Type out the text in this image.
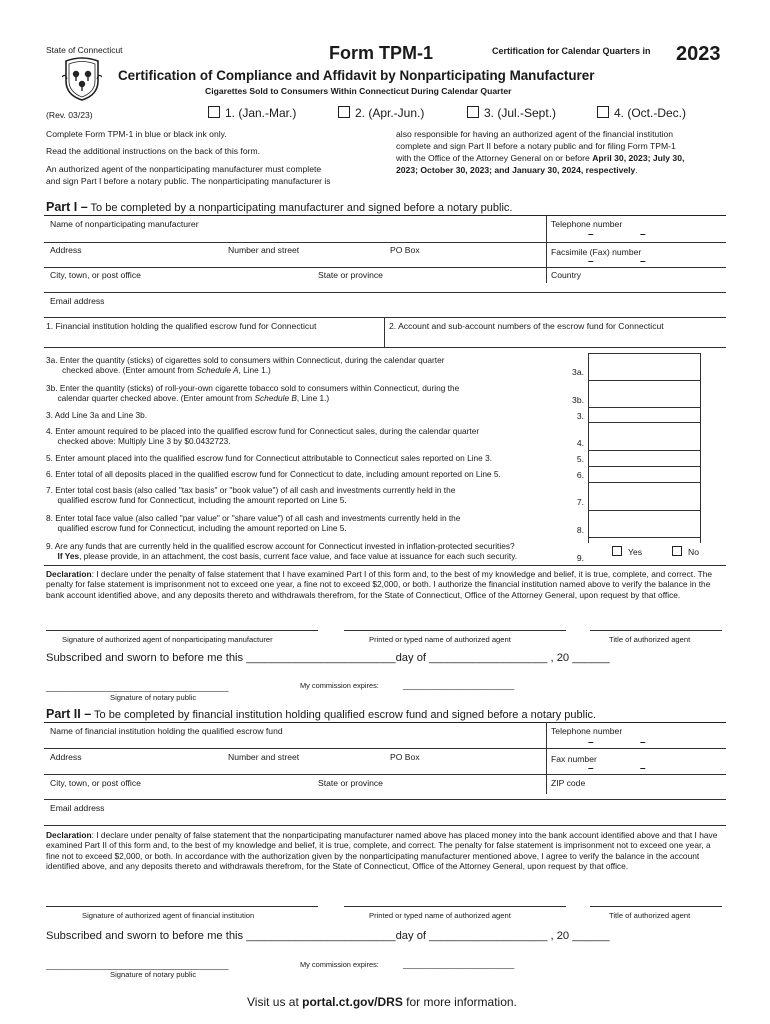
State of Connecticut	Form TPM-1	Certification for Calendar Quarters in 2023
Certification of Compliance and Affidavit by Nonparticipating Manufacturer
Cigarettes Sold to Consumers Within Connecticut During Calendar Quarter
(Rev. 03/23)	1. (Jan.-Mar.)	2. (Apr.-Jun.)	3. (Jul.-Sept.)	4. (Oct.-Dec.)
Complete Form TPM-1 in blue or black ink only.
Read the additional instructions on the back of this form.
An authorized agent of the nonparticipating manufacturer must complete
and sign Part I before a notary public. The nonparticipating manufacturer is
also responsible for having an authorized agent of the financial institution
complete and sign Part II before a notary public and for filing Form TPM-1
with the Office of the Attorney General on or before April 30, 2023; July 30,
2023; October 30, 2023; and January 30, 2024, respectively.
Part I – To be completed by a nonparticipating manufacturer and signed before a notary public.
Name of nonparticipating manufacturer	Telephone number
–	–
Address	Number and street	PO Box	Facsimile (Fax) number
–	–
City, town, or post office	State or province	Country
Email address
1. Financial institution holding the qualified escrow fund for Connecticut	2. Account and sub-account numbers of the escrow fund for Connecticut
3a. Enter the quantity (sticks) of cigarettes sold to consumers within Connecticut, during the calendar quarter
checked above. (Enter amount from Schedule A, Line 1.)	3a.
3b. Enter the quantity (sticks) of roll-your-own cigarette tobacco sold to consumers within Connecticut, during the
calendar quarter checked above. (Enter amount from Schedule B, Line 1.)	3b.
3. Add Line 3a and Line 3b.	3.
4. Enter amount required to be placed into the qualified escrow fund for Connecticut sales, during the calendar quarter
checked above: Multiply Line 3 by $0.0432723.	4.
5. Enter amount placed into the qualified escrow fund for Connecticut attributable to Connecticut sales reported on Line 3.	5.
6. Enter total of all deposits placed in the qualified escrow fund for Connecticut to date, including amount reported on Line 5.	6.
7. Enter total cost basis (also called "tax basis" or "book value") of all cash and investments currently held in the
qualified escrow fund for Connecticut, including the amount reported on Line 5.	7.
8. Enter total face value (also called "par value" or "share value") of all cash and investments currently held in the
qualified escrow fund for Connecticut, including the amount reported on Line 5.	8.
9. Are any funds that are currently held in the qualified escrow account for Connecticut invested in inflation-protected securities?
If Yes, please provide, in an attachment, the cost basis, current face value, and face value at issuance for each such security.	9.
Yes	No
Declaration: I declare under the penalty of false statement that I have examined Part I of this form and, to the best of my knowledge and belief, it is true, complete, and correct. The penalty for false statement is imprisonment not to exceed one year, a fine not to exceed $2,000, or both. I authorize the financial institution named above to verify the balance in the bank account identified above, and any deposits thereto and withdrawals therefrom, for the State of Connecticut, Office of the Attorney General, upon request by that office.
Signature of authorized agent of nonparticipating manufacturer	Printed or typed name of authorized agent	Title of authorized agent
Subscribed and sworn to before me this ________________________day of ___________________ , 20 ______
My commission expires:	_________________________
_________________________________________
Signature of notary public
Part II – To be completed by financial institution holding qualified escrow fund and signed before a notary public.
Name of financial institution holding the qualified escrow fund	Telephone number
–	–
Address	Number and street	PO Box	Fax number
–	–
City, town, or post office	State or province	ZIP code
Email address
Declaration: I declare under penalty of false statement that the nonparticipating manufacturer named above has placed money into the bank account identified above and that I have examined Part II of this form and, to the best of my knowledge and belief, it is true, complete, and correct. The penalty for false statement is imprisonment not to exceed one year, a fine not to exceed $2,000, or both. In accordance with the authorization given by the nonparticipating manufacturer mentioned above, I agree to verify the balance in the account identified above, and any deposits thereto and withdrawals therefrom, for the State of Connecticut, Office of the Attorney General, upon request by that office.
Signature of authorized agent of financial institution	Printed or typed name of authorized agent	Title of authorized agent
Subscribed and sworn to before me this ________________________day of ___________________ , 20 ______
My commission expires:	_________________________
_________________________________________
Signature of notary public
Visit us at portal.ct.gov/DRS for more information.
